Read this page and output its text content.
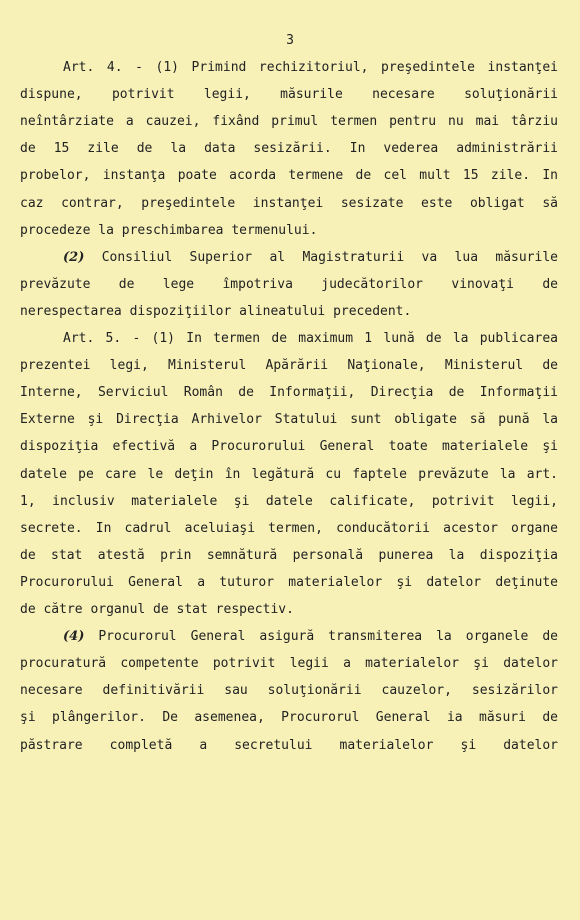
3
Art. 4. - (1) Primind rechizitoriul, preşedintele instanţei
dispune, potrivit legii, măsurile necesare soluţionării
neîntârziate a cauzei, fixând primul termen pentru nu mai târziu
de 15 zile de la data sesizării. In vederea administrării
probelor, instanţa poate acorda termene de cel mult 15 zile. In
caz contrar, preşedintele instanţei sesizate este obligat să
procedeze la preschimbarea termenului.
(2) Consiliul Superior al Magistraturii va lua măsurile
prevăzute de lege împotriva judecătorilor vinovaţi de
nerespectarea dispoziţiilor alineatului precedent.
Art. 5. - (1) In termen de maximum 1 lună de la publicarea
prezentei legi, Ministerul Apărării Naţionale, Ministerul de
Interne, Serviciul Român de Informaţii, Direcţia de Informaţii
Externe şi Direcţia Arhivelor Statului sunt obligate să pună la
dispoziţia efectivă a Procurorului General toate materialele şi
datele pe care le deţin în legătură cu faptele prevăzute la art.
1, inclusiv materialele şi datele calificate, potrivit legii,
secrete. In cadrul aceluiaşi termen, conducătorii acestor organe
de stat atestă prin semnătură personală punerea la dispoziţia
Procurorului General a tuturor materialelor şi datelor deţinute
de către organul de stat respectiv.
(4) Procurorul General asigură transmiterea la organele de
procuratură competente potrivit legii a materialelor şi datelor
necesare definitivării sau soluţionării cauzelor, sesizărilor
şi plângerilor. De asemenea, Procurorul General ia măsuri de
păstrare completă a secretului materialelor şi datelor
